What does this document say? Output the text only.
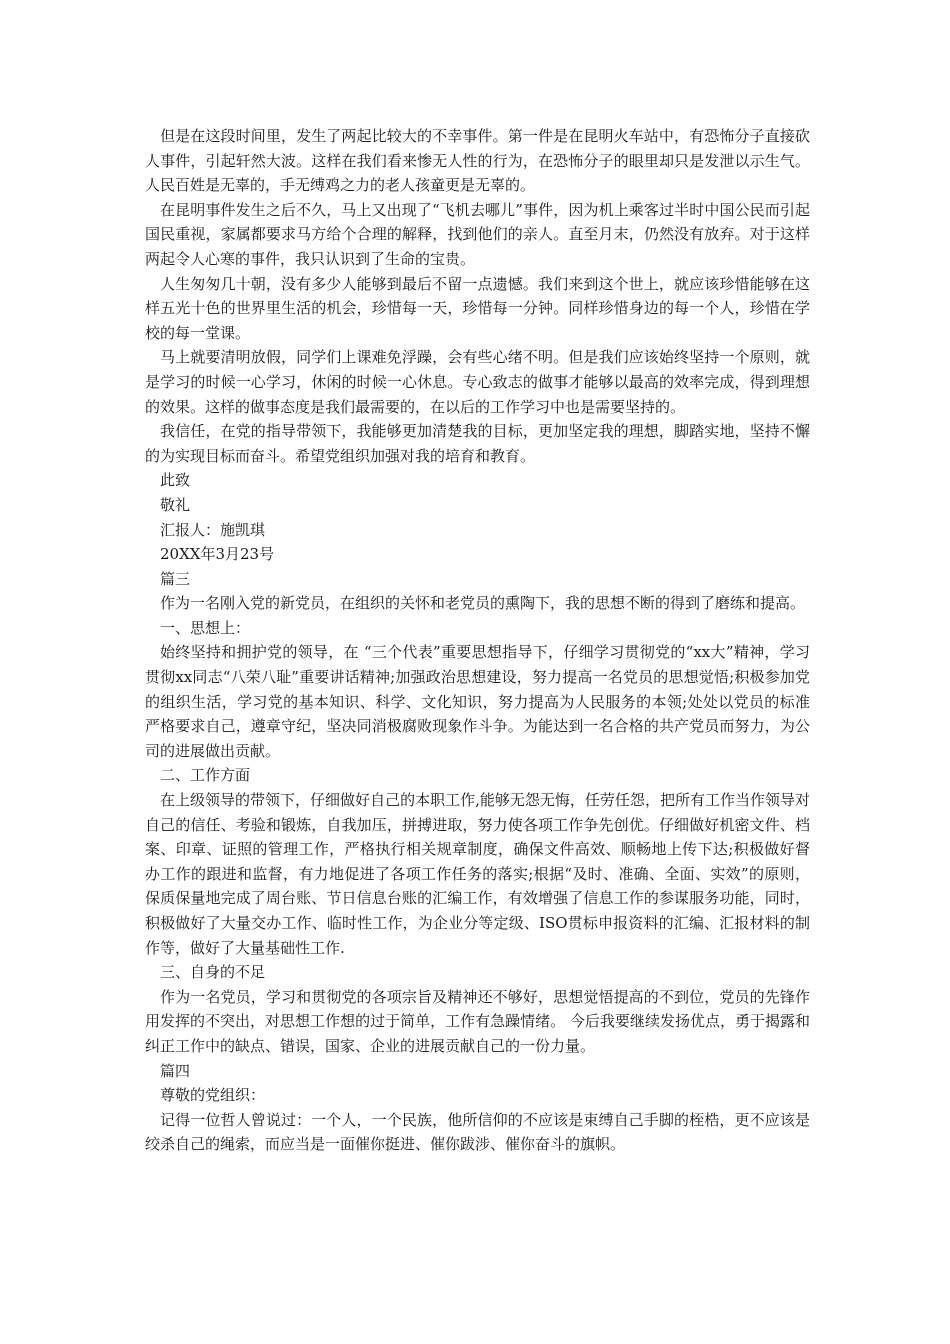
但是在这段时间里，发生了两起比较大的不幸事件。第一件是在昆明火车站中，有恐怖分子直接砍人事件，引起轩然大波。这样在我们看来惨无人性的行为，在恐怖分子的眼里却只是发泄以示生气。人民百姓是无辜的，手无缚鸡之力的老人孩童更是无辜的。

在昆明事件发生之后不久，马上又出现了“飞机去哪儿”事件，因为机上乘客过半时中国公民而引起国民重视，家属都要求马方给个合理的解释，找到他们的亲人。直至月末，仍然没有放弃。对于这样两起令人心寒的事件，我只认识到了生命的宝贵。

人生匆匆几十朝，没有多少人能够到最后不留一点遗憾。我们来到这个世上，就应该珍惜能够在这样五光十色的世界里生活的机会，珍惜每一天，珍惜每一分钟。同样珍惜身边的每一个人，珍惜在学校的每一堂课。

马上就要清明放假，同学们上课难免浮躁，会有些心绪不明。但是我们应该始终坚持一个原则，就是学习的时候一心学习，休闲的时候一心休息。专心致志的做事才能够以最高的效率完成，得到理想的效果。这样的做事态度是我们最需要的，在以后的工作学习中也是需要坚持的。

我信任，在党的指导带领下，我能够更加清楚我的目标，更加坚定我的理想，脚踏实地，坚持不懈的为实现目标而奋斗。希望党组织加强对我的培育和教育。

此致

敬礼

汇报人：施凯琪

20XX年3月23号

篇三

作为一名刚入党的新党员，在组织的关怀和老党员的熏陶下，我的思想不断的得到了磨练和提高。

一、思想上：

始终坚持和拥护党的领导，在 “三个代表”重要思想指导下，仔细学习贯彻党的“xx大”精神，学习贯彻xx同志“八荣八耻”重要讲话精神;加强政治思想建设，努力提高一名党员的思想觉悟;积极参加党的组织生活，学习党的基本知识、科学、文化知识，努力提高为人民服务的本领;处处以党员的标准严格要求自己，遵章守纪，坚决同消极腐败现象作斗争。为能达到一名合格的共产党员而努力，为公司的进展做出贡献。

二、工作方面

在上级领导的带领下，仔细做好自己的本职工作,能够无怨无悔，任劳任怨，把所有工作当作领导对自己的信任、考验和锻炼，自我加压，拼搏进取，努力使各项工作争先创优。仔细做好机密文件、档案、印章、证照的管理工作，严格执行相关规章制度，确保文件高效、顺畅地上传下达;积极做好督办工作的跟进和监督，有力地促进了各项工作任务的落实;根据“及时、准确、全面、实效”的原则，保质保量地完成了周台账、节日信息台账的汇编工作，有效增强了信息工作的参谋服务功能，同时，积极做好了大量交办工作、临时性工作，为企业分等定级、ISO贯标申报资料的汇编、汇报材料的制作等，做好了大量基础性工作.

三、自身的不足

作为一名党员，学习和贯彻党的各项宗旨及精神还不够好，思想觉悟提高的不到位，党员的先锋作用发挥的不突出，对思想工作想的过于简单，工作有急躁情绪。 今后我要继续发扬优点，勇于揭露和纠正工作中的缺点、错误，国家、企业的进展贡献自己的一份力量。

篇四

尊敬的党组织：

记得一位哲人曾说过：一个人，一个民族，他所信仰的不应该是束缚自己手脚的桎梏，更不应该是绞杀自己的绳索，而应当是一面催你挺进、催你跋涉、催你奋斗的旗帜。
